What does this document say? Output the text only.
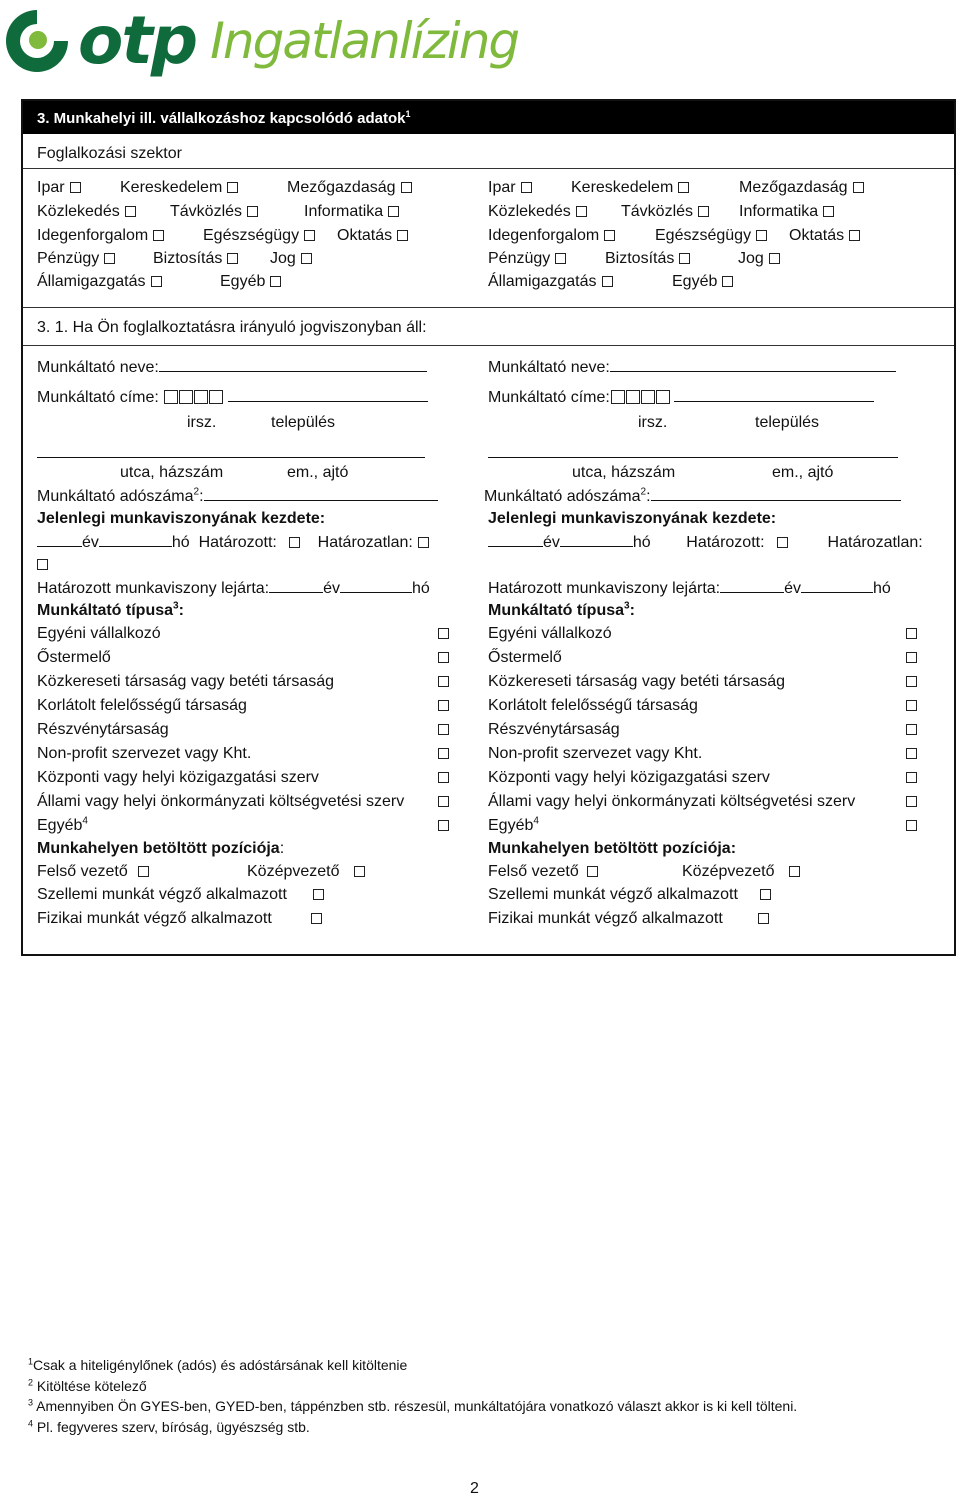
otp Ingatlanlízing
3. Munkahelyi ill. vállalkozáshoz kapcsolódó adatok$^1$
Foglalkozási szektor
Ipar	Kereskedelem	Mezőgazdaság
Közlekedés	Távközlés	Informatika
Idegenforgalom	Egészségügy	Oktatás
Pénzügy	Biztosítás	Jog
Államigazgatás	Egyéb
Ipar	Kereskedelem	Mezőgazdaság
Közlekedés	Távközlés	Informatika
Idegenforgalom	Egészségügy	Oktatás
Pénzügy	Biztosítás	Jog
Államigazgatás	Egyéb
3. 1. Ha Ön foglalkoztatásra irányuló jogviszonyban áll:
Munkáltató neve:
Munkáltató címe:
irsz.	település
utca, házszám	em., ajtó
Munkáltató adószáma$^2$:
Jelenlegi munkaviszonyának kezdete:
év	hó Határozott:	Határozatlan:
Határozott munkaviszony lejárta:	év	hó
Munkáltató típusa$^3$:
Egyéni vállalkozó
Őstermelő
Közkereseti társaság vagy betéti társaság
Korlátolt felelősségű társaság
Részvénytársaság
Non-profit szervezet vagy Kht.
Központi vagy helyi közigazgatási szerv
Állami vagy helyi önkormányzati költségvetési szerv
Egyéb$^4$
Munkahelyen betöltött pozíciója:
Felső vezető	Középvezető
Szellemi munkát végző alkalmazott
Fizikai munkát végző alkalmazott
Munkáltató neve:
Munkáltató címe:
irsz.	település
utca, házszám	em., ajtó
Munkáltató adószáma$^2$:
Jelenlegi munkaviszonyának kezdete:
év	hó Határozott:	Határozatlan:
Határozott munkaviszony lejárta:	év	hó
Munkáltató típusa$^3$:
Egyéni vállalkozó
Őstermelő
Közkereseti társaság vagy betéti társaság
Korlátolt felelősségű társaság
Részvénytársaság
Non-profit szervezet vagy Kht.
Központi vagy helyi közigazgatási szerv
Állami vagy helyi önkormányzati költségvetési szerv
Egyéb$^4$
Munkahelyen betöltött pozíciója:
Felső vezető	Középvezető
Szellemi munkát végző alkalmazott
Fizikai munkát végző alkalmazott
$^1$Csak a hiteligénylőnek (adós) és adóstársának kell kitöltenie
$^2$ Kitöltése kötelező
$^3$ Amennyiben Ön GYES-ben, GYED-ben, táppénzben stb. részesül, munkáltatójára vonatkozó választ akkor is ki kell tölteni.
$^4$ Pl. fegyveres szerv, bíróság, ügyészség stb.
2
